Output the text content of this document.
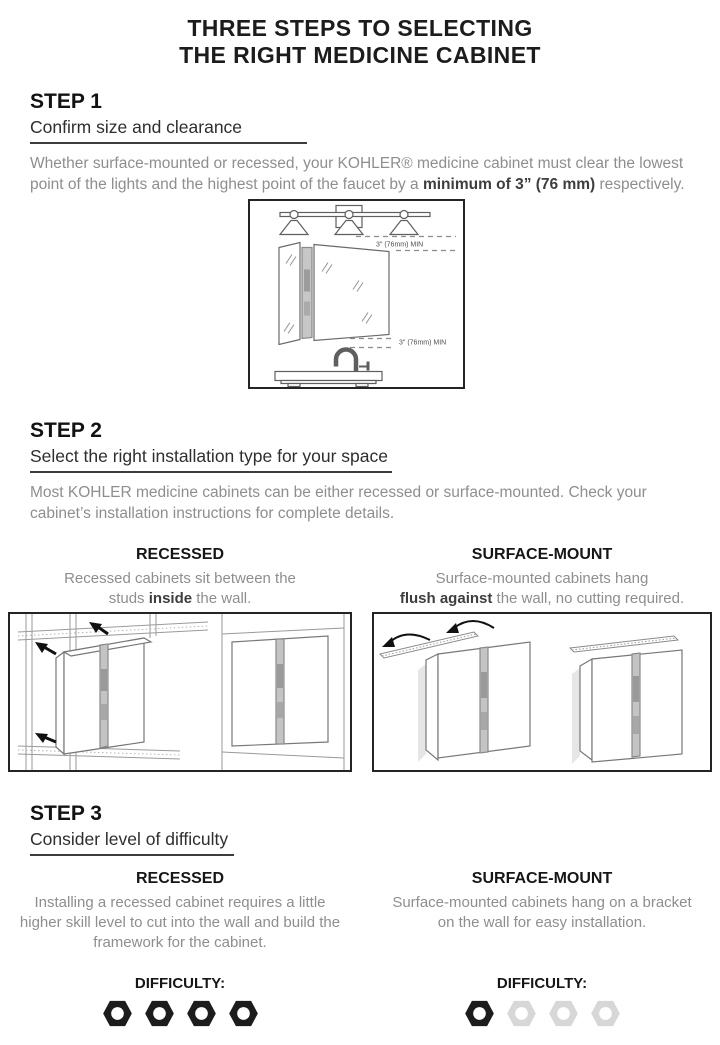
THREE STEPS TO SELECTING
THE RIGHT MEDICINE CABINET
STEP 1
Confirm size and clearance

Whether surface-mounted or recessed, your KOHLER® medicine cabinet must clear the lowest point of the lights and the highest point of the faucet by a minimum of 3” (76 mm) respectively.

3" (76mm) MIN
3" (76mm) MIN
STEP 2
Select the right installation type for your space

Most KOHLER medicine cabinets can be either recessed or surface-mounted. Check your cabinet’s installation instructions for complete details.

RECESSED
Recessed cabinets sit between the
studs inside the wall.
SURFACE-MOUNT
Surface-mounted cabinets hang
flush against the wall, no cutting required.
STEP 3
Consider level of difficulty
RECESSED
Installing a recessed cabinet requires a little higher skill level to cut into the wall and build the framework for the cabinet.
SURFACE-MOUNT
Surface-mounted cabinets hang on a bracket on the wall for easy installation.
DIFFICULTY:	DIFFICULTY:
